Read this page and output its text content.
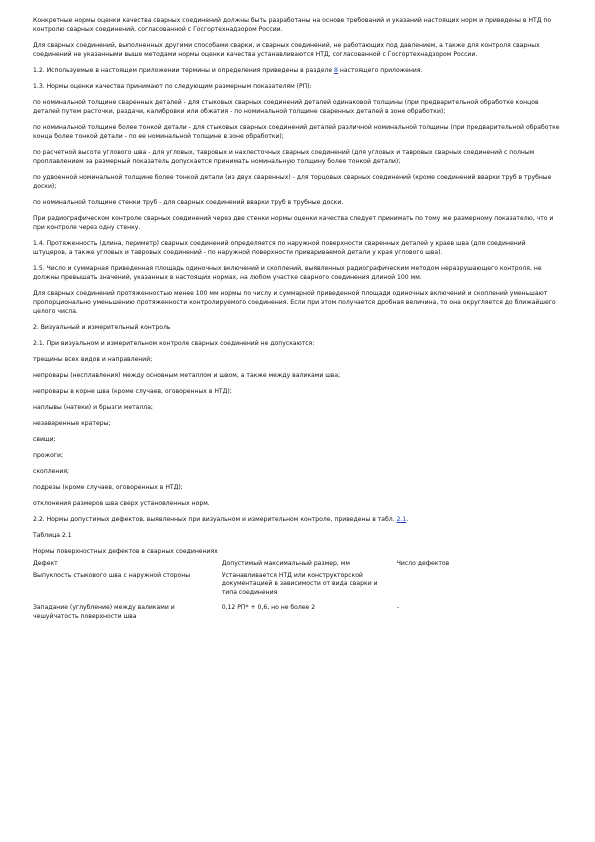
Конкретные нормы оценки качества сварных соединений должны быть разработаны на основе требований и указаний настоящих норм и приведены в НТД по контролю сварных соединений, согласованной с Госгортехнадзором России.

Для сварных соединений, выполненных другими способами сварки, и сварных соединений, не работающих под давлением, а также для контроля сварных соединений не указанными выше методами нормы оценки качества устанавливаются НТД, согласованной с Госгортехнадзором России.

1.2. Используемые в настоящем приложении термины и определения приведены в разделе 8 настоящего приложения.

1.3. Нормы оценки качества принимают по следующим размерным показателям (РП):

по номинальной толщине сваренных деталей - для стыковых сварных соединений деталей одинаковой толщины (при предварительной обработке концов деталей путем расточки, раздачи, калибровки или обжатия - по номинальной толщине сваренных деталей в зоне обработки);

по номинальной толщине более тонкой детали - для стыковых сварных соединений деталей различной номинальной толщины (при предварительной обработке конца более тонкой детали - по ее номинальной толщине в зоне обработки);

по расчетной высоте углового шва - для угловых, тавровых и нахлесточных сварных соединений (для угловых и тавровых сварных соединений с полным проплавлением за размерный показатель допускается принимать номинальную толщину более тонкой детали);

по удвоенной номинальной толщине более тонкой детали (из двух сваренных) - для торцовых сварных соединений (кроме соединений вварки труб в трубные доски);

по номинальной толщине стенки труб - для сварных соединений вварки труб в трубные доски.

При радиографическом контроле сварных соединений через две стенки нормы оценки качества следует принимать по тому же размерному показателю, что и при контроле через одну стенку.

1.4. Протяженность (длина, периметр) сварных соединений определяется по наружной поверхности сваренных деталей у краев шва (для соединений штуцеров, а также угловых и тавровых соединений - по наружной поверхности привариваемой детали у края углового шва).

1.5. Число и суммарная приведенная площадь одиночных включений и скоплений, выявленных радиографическим методом неразрушающего контроля, не должны превышать значений, указанных в настоящих нормах, на любом участке сварного соединения длиной 100 мм.

Для сварных соединений протяженностью менее 100 мм нормы по числу и суммарной приведенной площади одиночных включений и скоплений уменьшают пропорционально уменьшению протяженности контролируемого соединения. Если при этом получается дробная величина, то она округляется до ближайшего целого числа.

2. Визуальный и измерительный контроль

2.1. При визуальном и измерительном контроле сварных соединений не допускаются:

трещины всех видов и направлений;

непровары (несплавления) между основным металлом и швом, а также между валиками шва;

непровары в корне шва (кроме случаев, оговоренных в НТД);

наплывы (натеки) и брызги металла;

незаваренные кратеры;

свищи;

прожоги;

скопления;

подрезы (кроме случаев, оговоренных в НТД);

отклонения размеров шва сверх установленных норм.

2.2. Нормы допустимых дефектов, выявленных при визуальном и измерительном контроле, приведены в табл. 2.1.

Таблица 2.1

Нормы поверхностных дефектов в сварных соединениях

Дефект	Допустимый максимальный размер, мм	Число дефектов
Выпуклость стыкового шва с наружной стороны	Устанавливается НТД или конструкторской документацией в зависимости от вида сварки и типа соединения	
Западание (углубление) между валиками и чешуйчатость поверхности шва	0,12 РП* + 0,6, но не более 2	-
